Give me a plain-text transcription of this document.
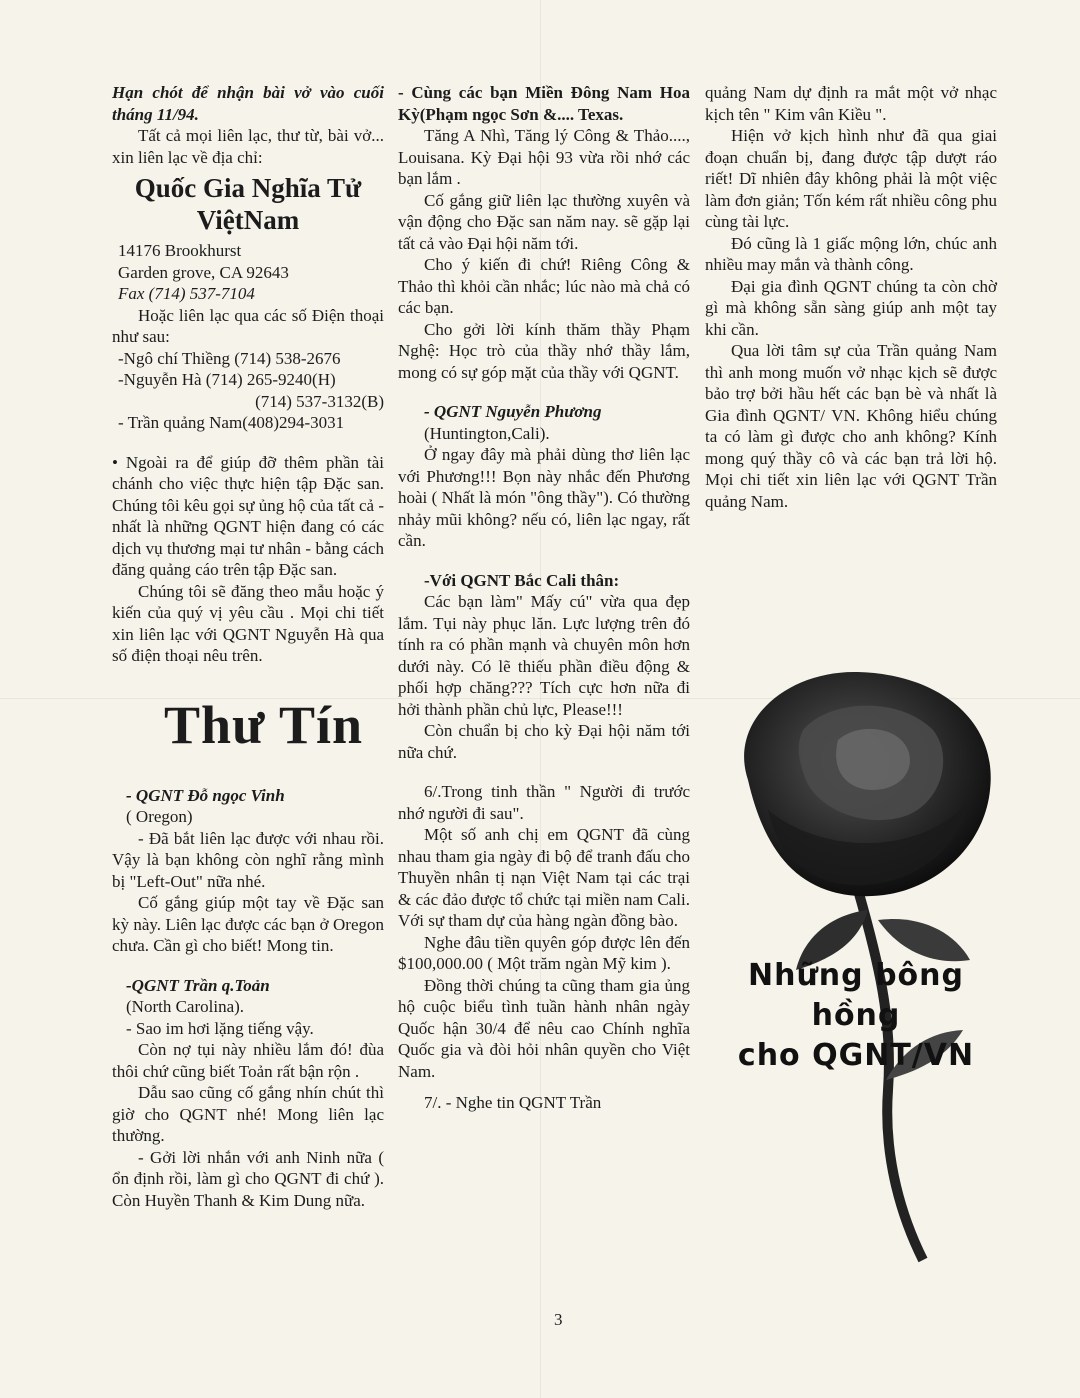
Hạn chót để nhận bài vở vào cuối tháng 11/94.

Tất cả mọi liên lạc, thư từ, bài vở... xin liên lạc về địa chỉ:

Quốc Gia Nghĩa Tử ViệtNam

14176 Brookhurst

Garden grove, CA 92643

Fax (714) 537-7104

Hoặc liên lạc qua các số Điện thoại như sau:

-Ngô chí Thiềng (714) 538-2676

-Nguyễn Hà (714) 265-9240(H)

(714) 537-3132(B)

- Trần quảng Nam(408)294-3031

• Ngoài ra để giúp đỡ thêm phần tài chánh cho việc thực hiện tập Đặc san. Chúng tôi kêu gọi sự ủng hộ của tất cả - nhất là những QGNT hiện đang có các dịch vụ thương mại tư nhân - bằng cách đăng quảng cáo trên tập Đặc san.

Chúng tôi sẽ đăng theo mẫu hoặc ý kiến của quý vị yêu cầu . Mọi chi tiết xin liên lạc với QGNT Nguyễn Hà qua số điện thoại nêu trên.

Thư Tín

- QGNT Đỗ ngọc Vinh

( Oregon)

- Đã bắt liên lạc được với nhau rồi. Vậy là bạn không còn nghĩ rằng mình bị "Left-Out" nữa nhé.

Cố gắng giúp một tay về Đặc san kỳ này. Liên lạc được các bạn ở Oregon chưa. Cần gì cho biết! Mong tin.

-QGNT Trần q.Toản

(North Carolina).

- Sao im hơi lặng tiếng vậy.

Còn nợ tụi này nhiều lắm đó! đùa thôi chứ cũng biết Toản rất bận rộn .

Dẫu sao cũng cố gắng nhín chút thì giờ cho QGNT nhé! Mong liên lạc thường.

- Gởi lời nhắn với anh Ninh nữa ( ổn định rồi, làm gì cho QGNT đi chứ ). Còn Huyền Thanh & Kim Dung nữa.

- Cùng các bạn Miền Đông Nam Hoa Kỳ(Phạm ngọc Sơn &.... Texas.

Tăng A Nhì, Tăng lý Công & Thảo...., Louisana. Kỳ Đại hội 93 vừa rồi nhớ các bạn lắm .

Cố gắng giữ liên lạc thường xuyên và vận động cho Đặc san năm nay. sẽ gặp lại tất cả vào Đại hội năm tới.

Cho ý kiến đi chứ! Riêng Công & Thảo thì khỏi cần nhắc; lúc nào mà chả có các bạn.

Cho gởi lời kính thăm thầy Phạm Nghệ: Học trò của thầy nhớ thầy lắm, mong có sự góp mặt của thầy với QGNT.

- QGNT Nguyễn Phương

(Huntington,Cali).

Ở ngay đây mà phải dùng thơ liên lạc với Phương!!! Bọn này nhắc đến Phương hoài ( Nhất là món "ông thầy"). Có thường nhảy mũi không? nếu có, liên lạc ngay, rất cần.

-Với QGNT Bắc Cali thân:

Các bạn làm" Mấy cú" vừa qua đẹp lắm. Tụi này phục lăn. Lực lượng trên đó tính ra có phần mạnh và chuyên môn hơn dưới này. Có lẽ thiếu phần điều động & phối hợp chăng??? Tích cực hơn nữa đi hởi thành phần chủ lực, Please!!!

Còn chuẩn bị cho kỳ Đại hội năm tới nữa chứ.

6/.Trong tinh thần " Người đi trước nhớ người đi sau".

Một số anh chị em QGNT đã cùng nhau tham gia ngày đi bộ để tranh đấu cho Thuyền nhân tị nạn Việt Nam tại các trại & các đảo được tổ chức tại miền nam Cali. Với sự tham dự của hàng ngàn đồng bào.

Nghe đâu tiền quyên góp được lên đến $100,000.00 ( Một trăm ngàn Mỹ kim ).

Đồng thời chúng ta cũng tham gia ủng hộ cuộc biểu tình tuần hành nhân ngày Quốc hận 30/4 để nêu cao Chính nghĩa Quốc gia và đòi hỏi nhân quyền cho Việt Nam.

7/. - Nghe tin QGNT Trần

quảng Nam dự định ra mắt một vở nhạc kịch tên " Kim vân Kiều ".

Hiện vở kịch hình như đã qua giai đoạn chuẩn bị, đang được tập dượt ráo riết! Dĩ nhiên đây không phải là một việc làm đơn giản; Tốn kém rất nhiều công phu cùng tài lực.

Đó cũng là 1 giấc mộng lớn, chúc anh nhiều may mắn và thành công.

Đại gia đình QGNT chúng ta còn chờ gì mà không sẵn sàng giúp anh một tay khi cần.

Qua lời tâm sự của Trần quảng Nam thì anh mong muốn vở nhạc kịch sẽ được bảo trợ bởi hầu hết các bạn bè và nhất là Gia đình QGNT/ VN. Không hiểu chúng ta có làm gì được cho anh không? Kính mong quý thầy cô và các bạn trả lời hộ. Mọi chi tiết xin liên lạc với QGNT Trần quảng Nam.

Những bông hồng
cho QGNT/VN
3
